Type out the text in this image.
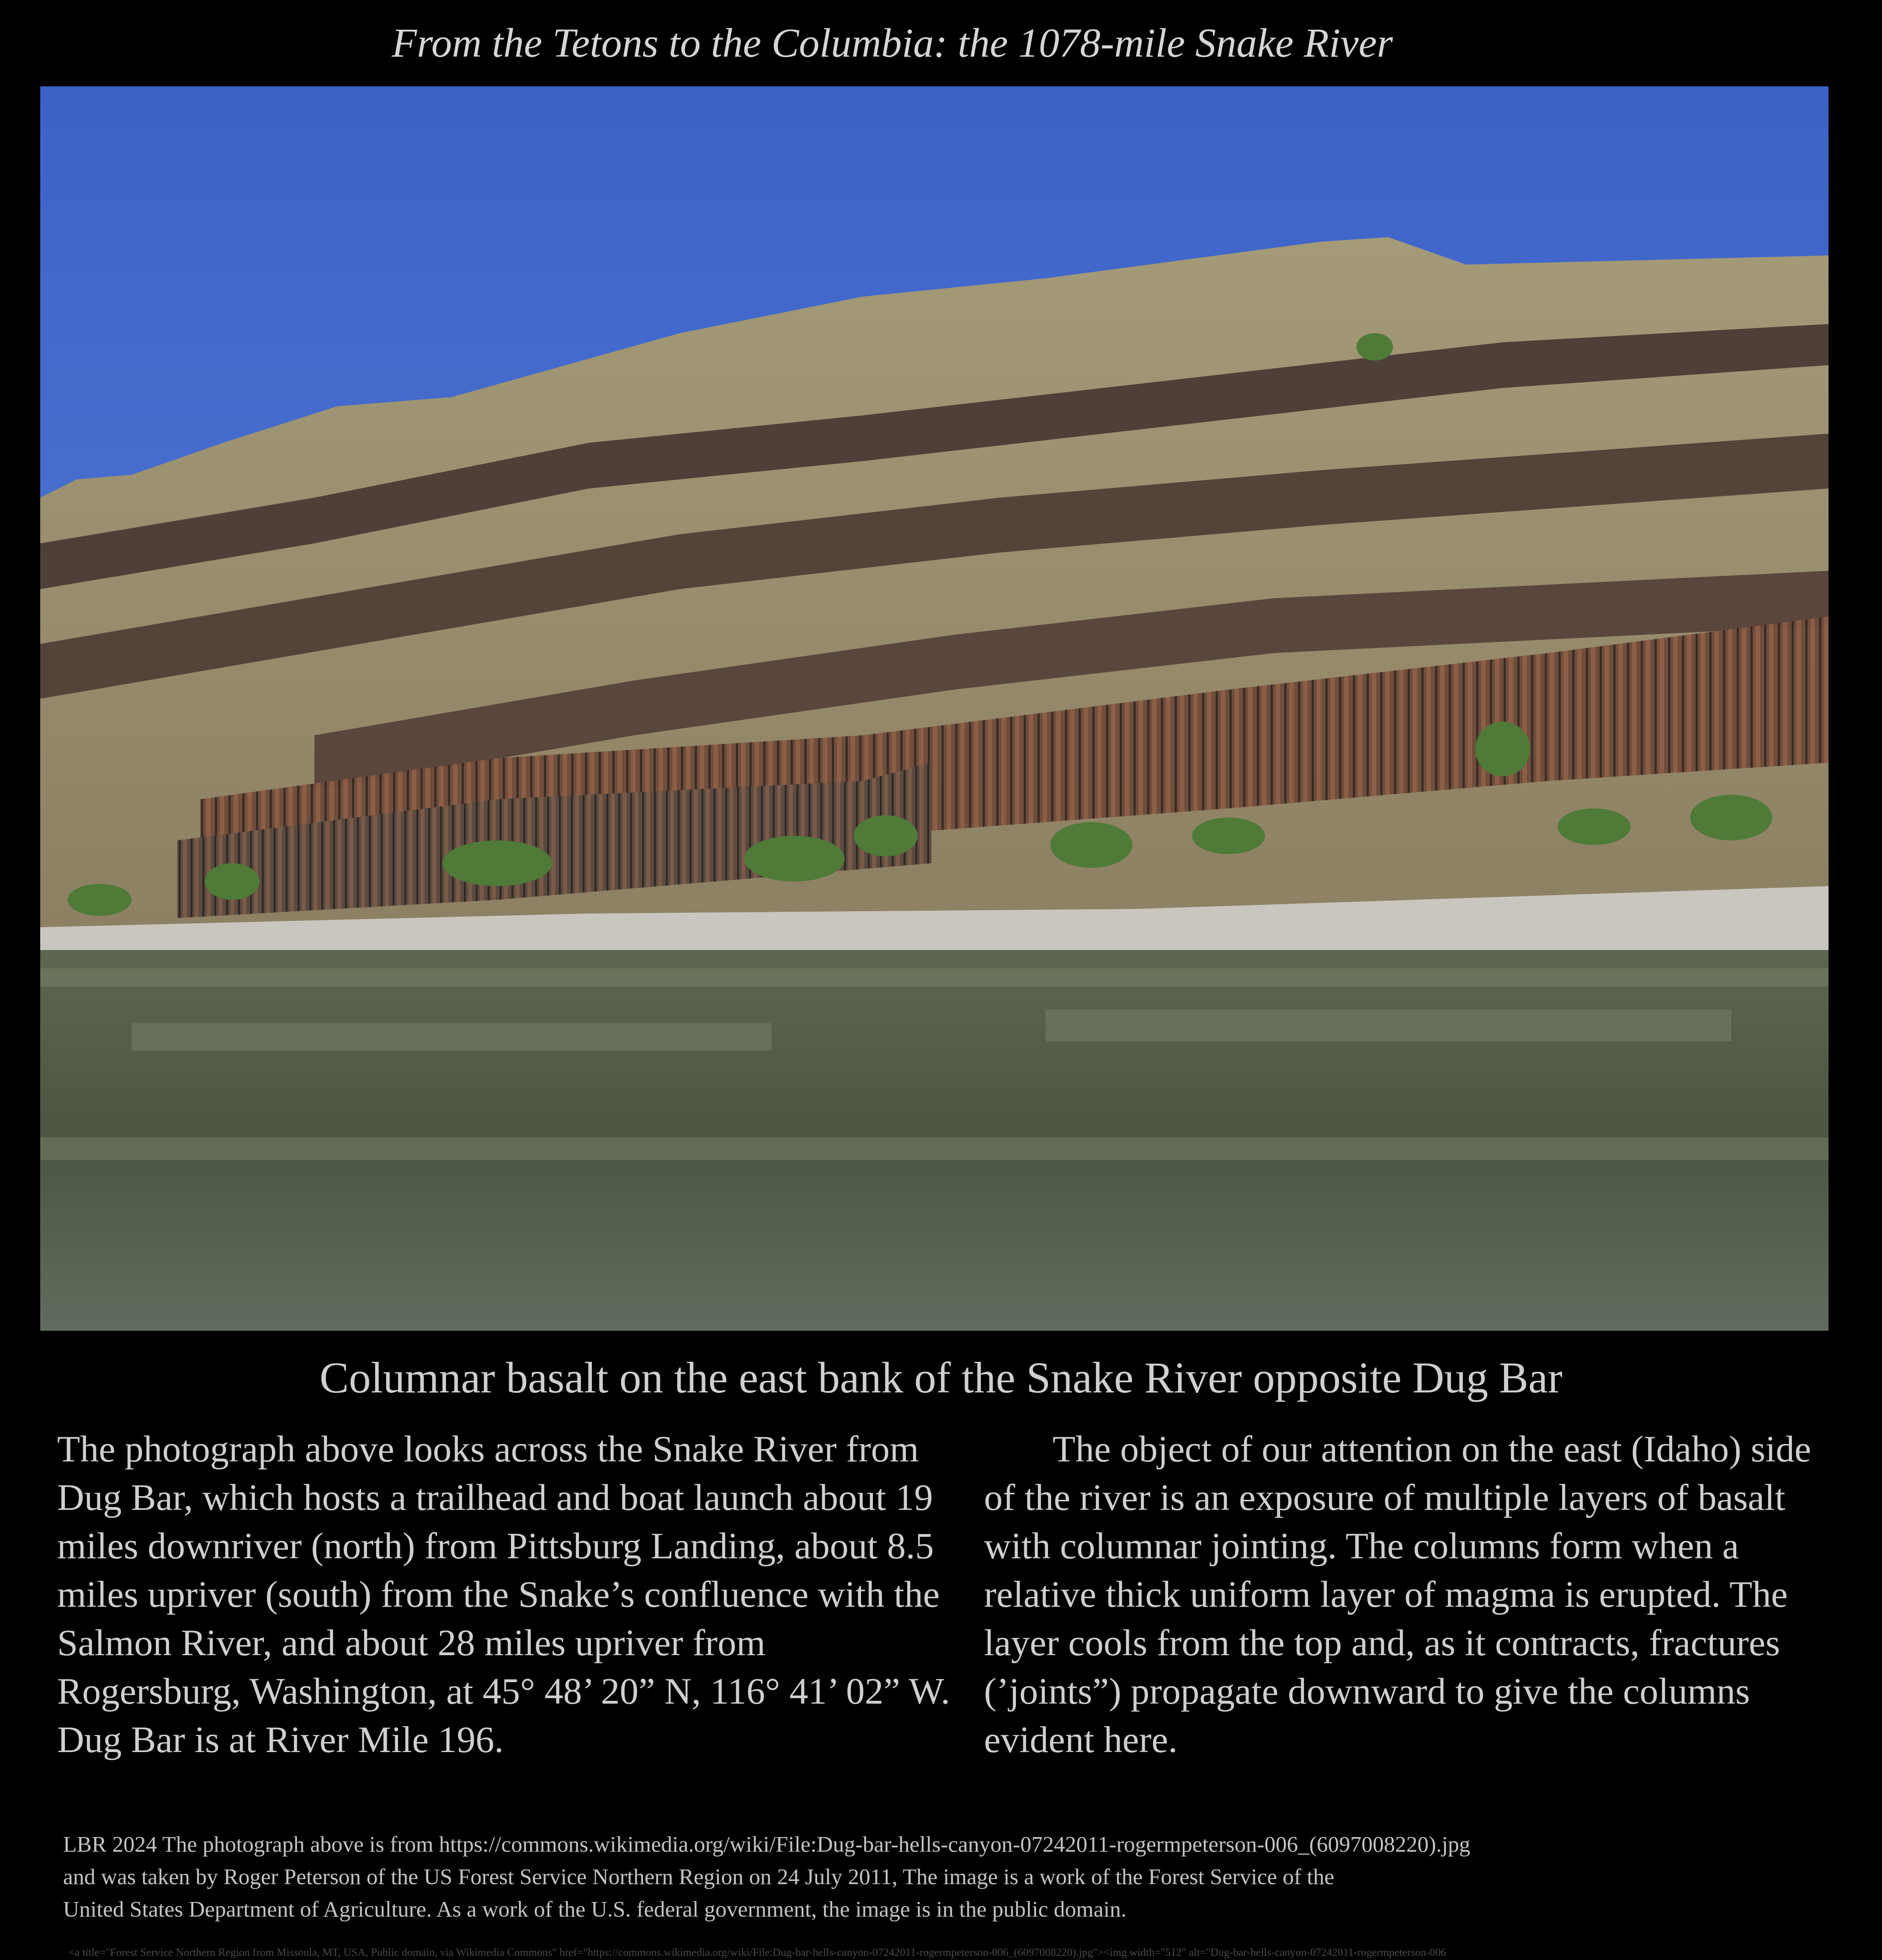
From the Tetons to the Columbia: the 1078-mile Snake River
Columnar basalt on the east bank of the Snake River opposite Dug Bar
The photograph above looks across the Snake River from Dug Bar, which hosts a trailhead and boat launch about 19 miles downriver (north) from Pittsburg Landing, about 8.5 miles upriver (south) from the Snake’s confluence with the Salmon River, and about 28 miles upriver from Rogersburg, Washington, at 45° 48’ 20” N, 116° 41’ 02” W. Dug Bar is at River Mile 196.
The object of our attention on the east (Idaho) side of the river is an exposure of multiple layers of basalt with columnar jointing. The columns form when a relative thick uniform layer of magma is erupted. The layer cools from the top and, as it contracts, fractures (’joints”) propagate downward to give the columns evident here.
LBR 2024 The photograph above is from https://commons.wikimedia.org/wiki/File:Dug-bar-hells-canyon-07242011-rogermpeterson-006_(6097008220).jpg
and was taken by Roger Peterson of the US Forest Service Northern Region on 24 July 2011, The image is a work of the Forest Service of the
United States Department of Agriculture. As a work of the U.S. federal government, the image is in the public domain.
<a title="Forest Service Northern Region from Missoula, MT, USA, Public domain, via Wikimedia Commons" href="https://commons.wikimedia.org/wiki/File:Dug-bar-hells-canyon-07242011-rogermpeterson-006_(6097008220).jpg"><img width="512" alt="Dug-bar-hells-canyon-07242011-rogermpeterson-006
